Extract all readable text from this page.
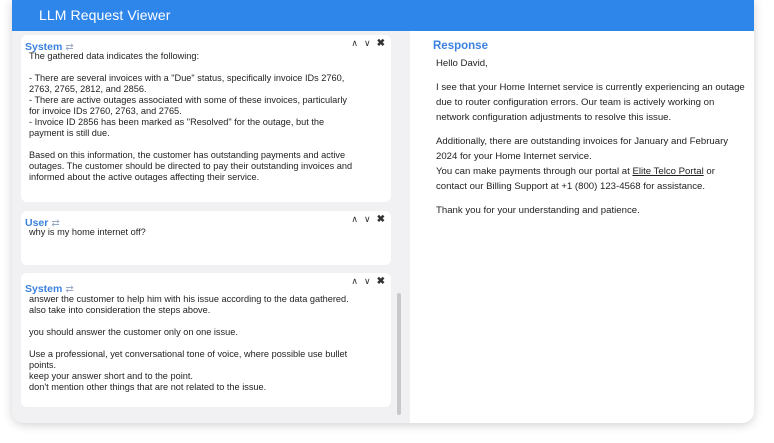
LLM Request Viewer
System ⇄	∧ ∨ ✖
The gathered data indicates the following:

- There are several invoices with a "Due" status, specifically invoice IDs 2760,
2763, 2765, 2812, and 2856.
- There are active outages associated with some of these invoices, particularly
for invoice IDs 2760, 2763, and 2765.
- Invoice ID 2856 has been marked as "Resolved" for the outage, but the
payment is still due.

Based on this information, the customer has outstanding payments and active
outages. The customer should be directed to pay their outstanding invoices and
informed about the active outages affecting their service.
User ⇄	∧ ∨ ✖
why is my home internet off?
System ⇄
∧ ∨ ✖
answer the customer to help him with his issue according to the data gathered.
also take into consideration the steps above.

you should answer the customer only on one issue.

Use a professional, yet conversational tone of voice, where possible use bullet
points.
keep your answer short and to the point.
don't mention other things that are not related to the issue.
Response

Hello David,

I see that your Home Internet service is currently experiencing an outage due to router configuration errors. Our team is actively working on network configuration adjustments to resolve this issue.

Additionally, there are outstanding invoices for January and February 2024 for your Home Internet service.
You can make payments through our portal at Elite Telco Portal or contact our Billing Support at +1 (800) 123-4568 for assistance.

Thank you for your understanding and patience.
